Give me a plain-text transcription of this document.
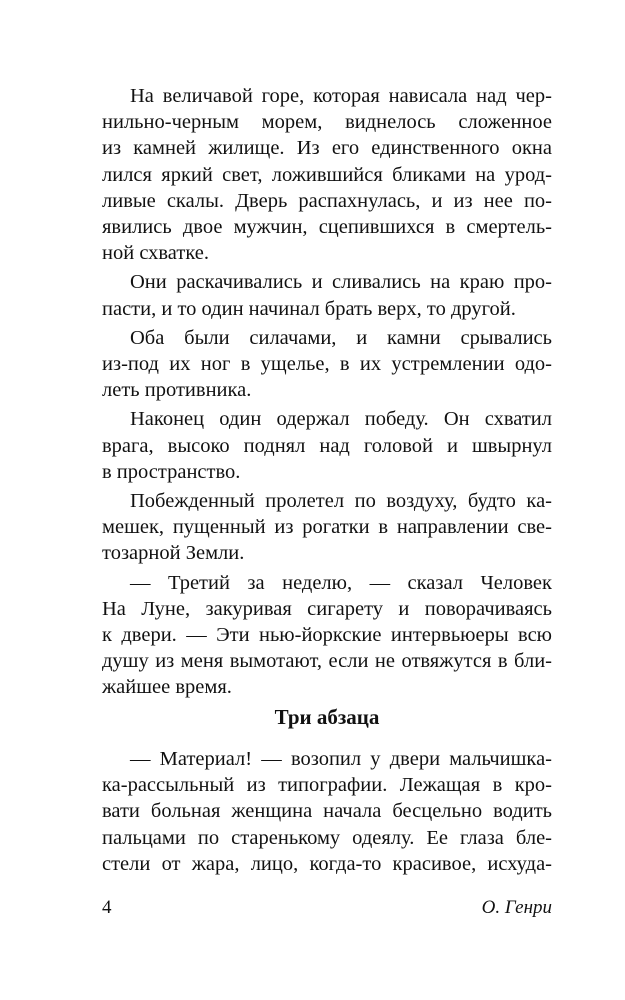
На величавой горе, которая нависала над чер-
нильно-черным морем, виднелось сложенное
из камней жилище. Из его единственного окна
лился яркий свет, ложившийся бликами на урод-
ливые скалы. Дверь распахнулась, и из нее по-
явились двое мужчин, сцепившихся в смертель-
ной схватке.
Они раскачивались и сливались на краю про-
пасти, и то один начинал брать верх, то другой.
Оба были силачами, и камни срывались
из-под их ног в ущелье, в их устремлении одо-
леть противника.
Наконец один одержал победу. Он схватил
врага, высоко поднял над головой и швырнул
в пространство.
Побежденный пролетел по воздуху, будто ка-
мешек, пущенный из рогатки в направлении све-
тозарной Земли.
— Третий за неделю, — сказал Человек
На Луне, закуривая сигарету и поворачиваясь
к двери. — Эти нью-йоркские интервьюеры всю
душу из меня вымотают, если не отвяжутся в бли-
жайшее время.
Три абзаца
— Материал! — возопил у двери мальчишка-
ка-рассыльный из типографии. Лежащая в кро-
вати больная женщина начала бесцельно водить
пальцами по старенькому одеялу. Ее глаза бле-
стели от жара, лицо, когда-то красивое, исхуда-
4	О. Генри
